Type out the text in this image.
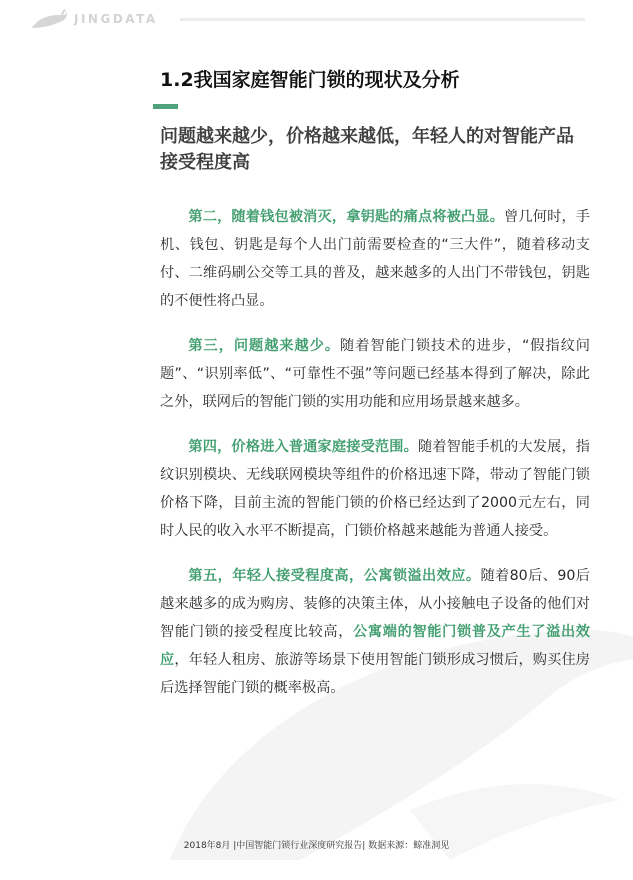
JINGDATA
1.2我国家庭智能门锁的现状及分析
问题越来越少，价格越来越低，年轻人的对智能产品接受程度高

第二，随着钱包被消灭，拿钥匙的痛点将被凸显。曾几何时，手机、钱包、钥匙是每个人出门前需要检查的“三大件”，随着移动支付、二维码刷公交等工具的普及，越来越多的人出门不带钱包，钥匙的不便性将凸显。

第三，问题越来越少。随着智能门锁技术的进步，“假指纹问题”、“识别率低”、“可靠性不强”等问题已经基本得到了解决，除此之外，联网后的智能门锁的实用功能和应用场景越来越多。

第四，价格进入普通家庭接受范围。随着智能手机的大发展，指纹识别模块、无线联网模块等组件的价格迅速下降，带动了智能门锁价格下降，目前主流的智能门锁的价格已经达到了2000元左右，同时人民的收入水平不断提高，门锁价格越来越能为普通人接受。

第五，年轻人接受程度高，公寓锁溢出效应。随着80后、90后越来越多的成为购房、装修的决策主体，从小接触电子设备的他们对智能门锁的接受程度比较高，公寓端的智能门锁普及产生了溢出效应，年轻人租房、旅游等场景下使用智能门锁形成习惯后，购买住房后选择智能门锁的概率极高。

2018年8月 |中国智能门锁行业深度研究报告| 数据来源：鲸准洞见
